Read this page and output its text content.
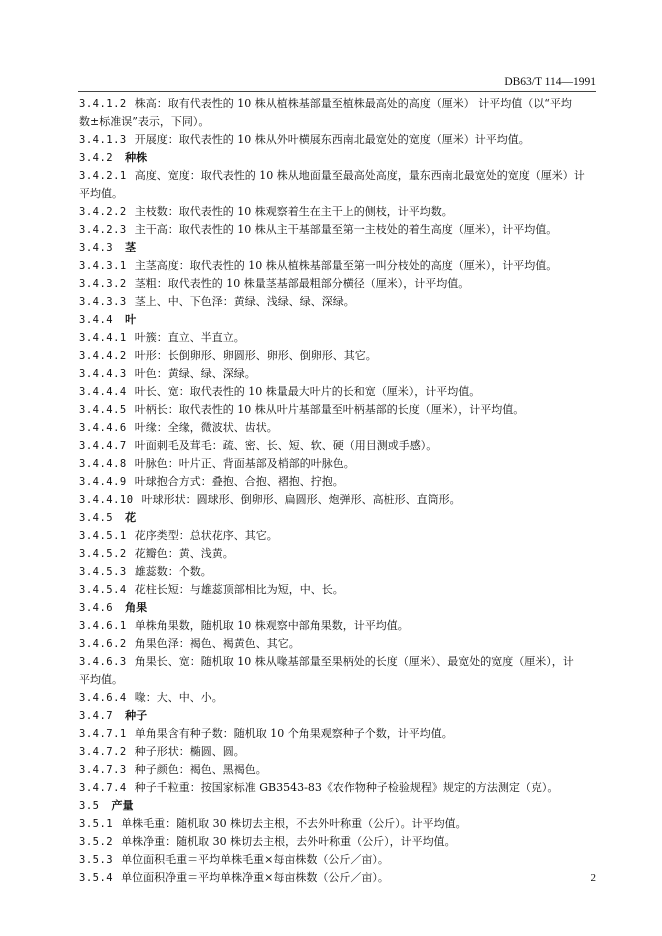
DB63/T 114—1991
3.4.1.2 株高：取有代表性的 10 株从植株基部量至植株最高处的高度（厘米） 计平均值（以“平均
数±标准误”表示，下同）。
3.4.1.3 开展度：取代表性的 10 株从外叶横展东西南北最宽处的宽度（厘米）计平均值。
3.4.2 种株
3.4.2.1 高度、宽度：取代表性的 10 株从地面量至最高处高度，量东西南北最宽处的宽度（厘米）计
平均值。
3.4.2.2 主枝数：取代表性的 10 株观察着生在主干上的侧枝，计平均数。
3.4.2.3 主干高：取代表性的 10 株从主干基部量至第一主枝处的着生高度（厘米），计平均值。
3.4.3 茎
3.4.3.1 主茎高度：取代表性的 10 株从植株基部量至第一叫分枝处的高度（厘米），计平均值。
3.4.3.2 茎粗：取代表性的 10 株量茎基部最粗部分横径（厘米），计平均值。
3.4.3.3 茎上、中、下色泽：黄绿、浅绿、绿、深绿。
3.4.4 叶
3.4.4.1 叶簇：直立、半直立。
3.4.4.2 叶形：长倒卵形、卵圆形、卵形、倒卵形、其它。
3.4.4.3 叶色：黄绿、绿、深绿。
3.4.4.4 叶长、宽：取代表性的 10 株量最大叶片的长和宽（厘米），计平均值。
3.4.4.5 叶柄长：取代表性的 10 株从叶片基部量至叶柄基部的长度（厘米），计平均值。
3.4.4.6 叶缘：全缘，微波状、齿状。
3.4.4.7 叶面刺毛及茸毛：疏、密、长、短、软、硬（用目测或手感）。
3.4.4.8 叶脉色：叶片正、背面基部及梢部的叶脉色。
3.4.4.9 叶球抱合方式：叠抱、合抱、褶抱、拧抱。
3.4.4.10 叶球形状：圆球形、倒卵形、扁圆形、炮弹形、高桩形、直筒形。
3.4.5 花
3.4.5.1 花序类型：总状花序、其它。
3.4.5.2 花瓣色：黄、浅黄。
3.4.5.3 雄蕊数：个数。
3.4.5.4 花柱长短：与雄蕊顶部相比为短，中、长。
3.4.6 角果
3.4.6.1 单株角果数，随机取 10 株观察中部角果数，计平均值。
3.4.6.2 角果色泽：褐色、褐黄色、其它。
3.4.6.3 角果长、宽：随机取 10 株从喙基部量至果柄处的长度（厘米）、最宽处的宽度（厘米），计
平均值。
3.4.6.4 喙：大、中、小。
3.4.7 种子
3.4.7.1 单角果含有种子数：随机取 10 个角果观察种子个数，计平均值。
3.4.7.2 种子形状：椭圆、圆。
3.4.7.3 种子颜色：褐色、黑褐色。
3.4.7.4 种子千粒重：按国家标准 GB3543-83《农作物种子检验规程》规定的方法测定（克）。
3.5 产量
3.5.1 单株毛重：随机取 30 株切去主根，不去外叶称重（公斤）。计平均值。
3.5.2 单株净重：随机取 30 株切去主根，去外叶称重（公斤），计平均值。
3.5.3 单位面积毛重＝平均单株毛重×每亩株数（公斤／亩）。
3.5.4 单位面积净重＝平均单株净重×每亩株数（公斤／亩）。	2
